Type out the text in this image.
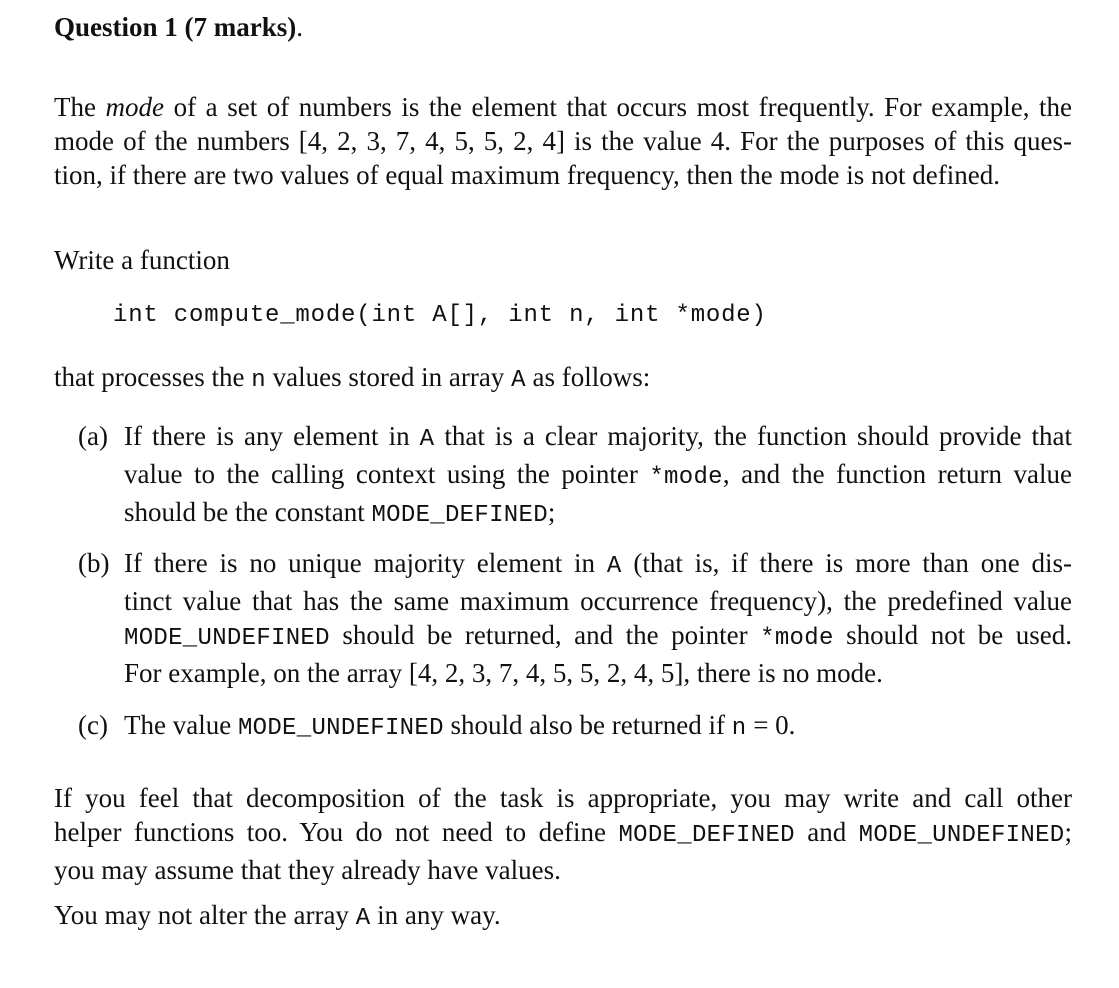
Question 1 (7 marks).
The mode of a set of numbers is the element that occurs most frequently. For example, the
mode of the numbers [4, 2, 3, 7, 4, 5, 5, 2, 4] is the value 4. For the purposes of this ques-
tion, if there are two values of equal maximum frequency, then the mode is not defined.
Write a function
int compute_mode(int A[], int n, int *mode)
that processes the n values stored in array A as follows:
(a) If there is any element in A that is a clear majority, the function should provide that
value to the calling context using the pointer *mode, and the function return value
should be the constant MODE_DEFINED;
(b) If there is no unique majority element in A (that is, if there is more than one dis-
tinct value that has the same maximum occurrence frequency), the predefined value
MODE_UNDEFINED should be returned, and the pointer *mode should not be used.
For example, on the array [4, 2, 3, 7, 4, 5, 5, 2, 4, 5], there is no mode.
(c) The value MODE_UNDEFINED should also be returned if n = 0.
If you feel that decomposition of the task is appropriate, you may write and call other
helper functions too. You do not need to define MODE_DEFINED and MODE_UNDEFINED;
you may assume that they already have values.
You may not alter the array A in any way.
